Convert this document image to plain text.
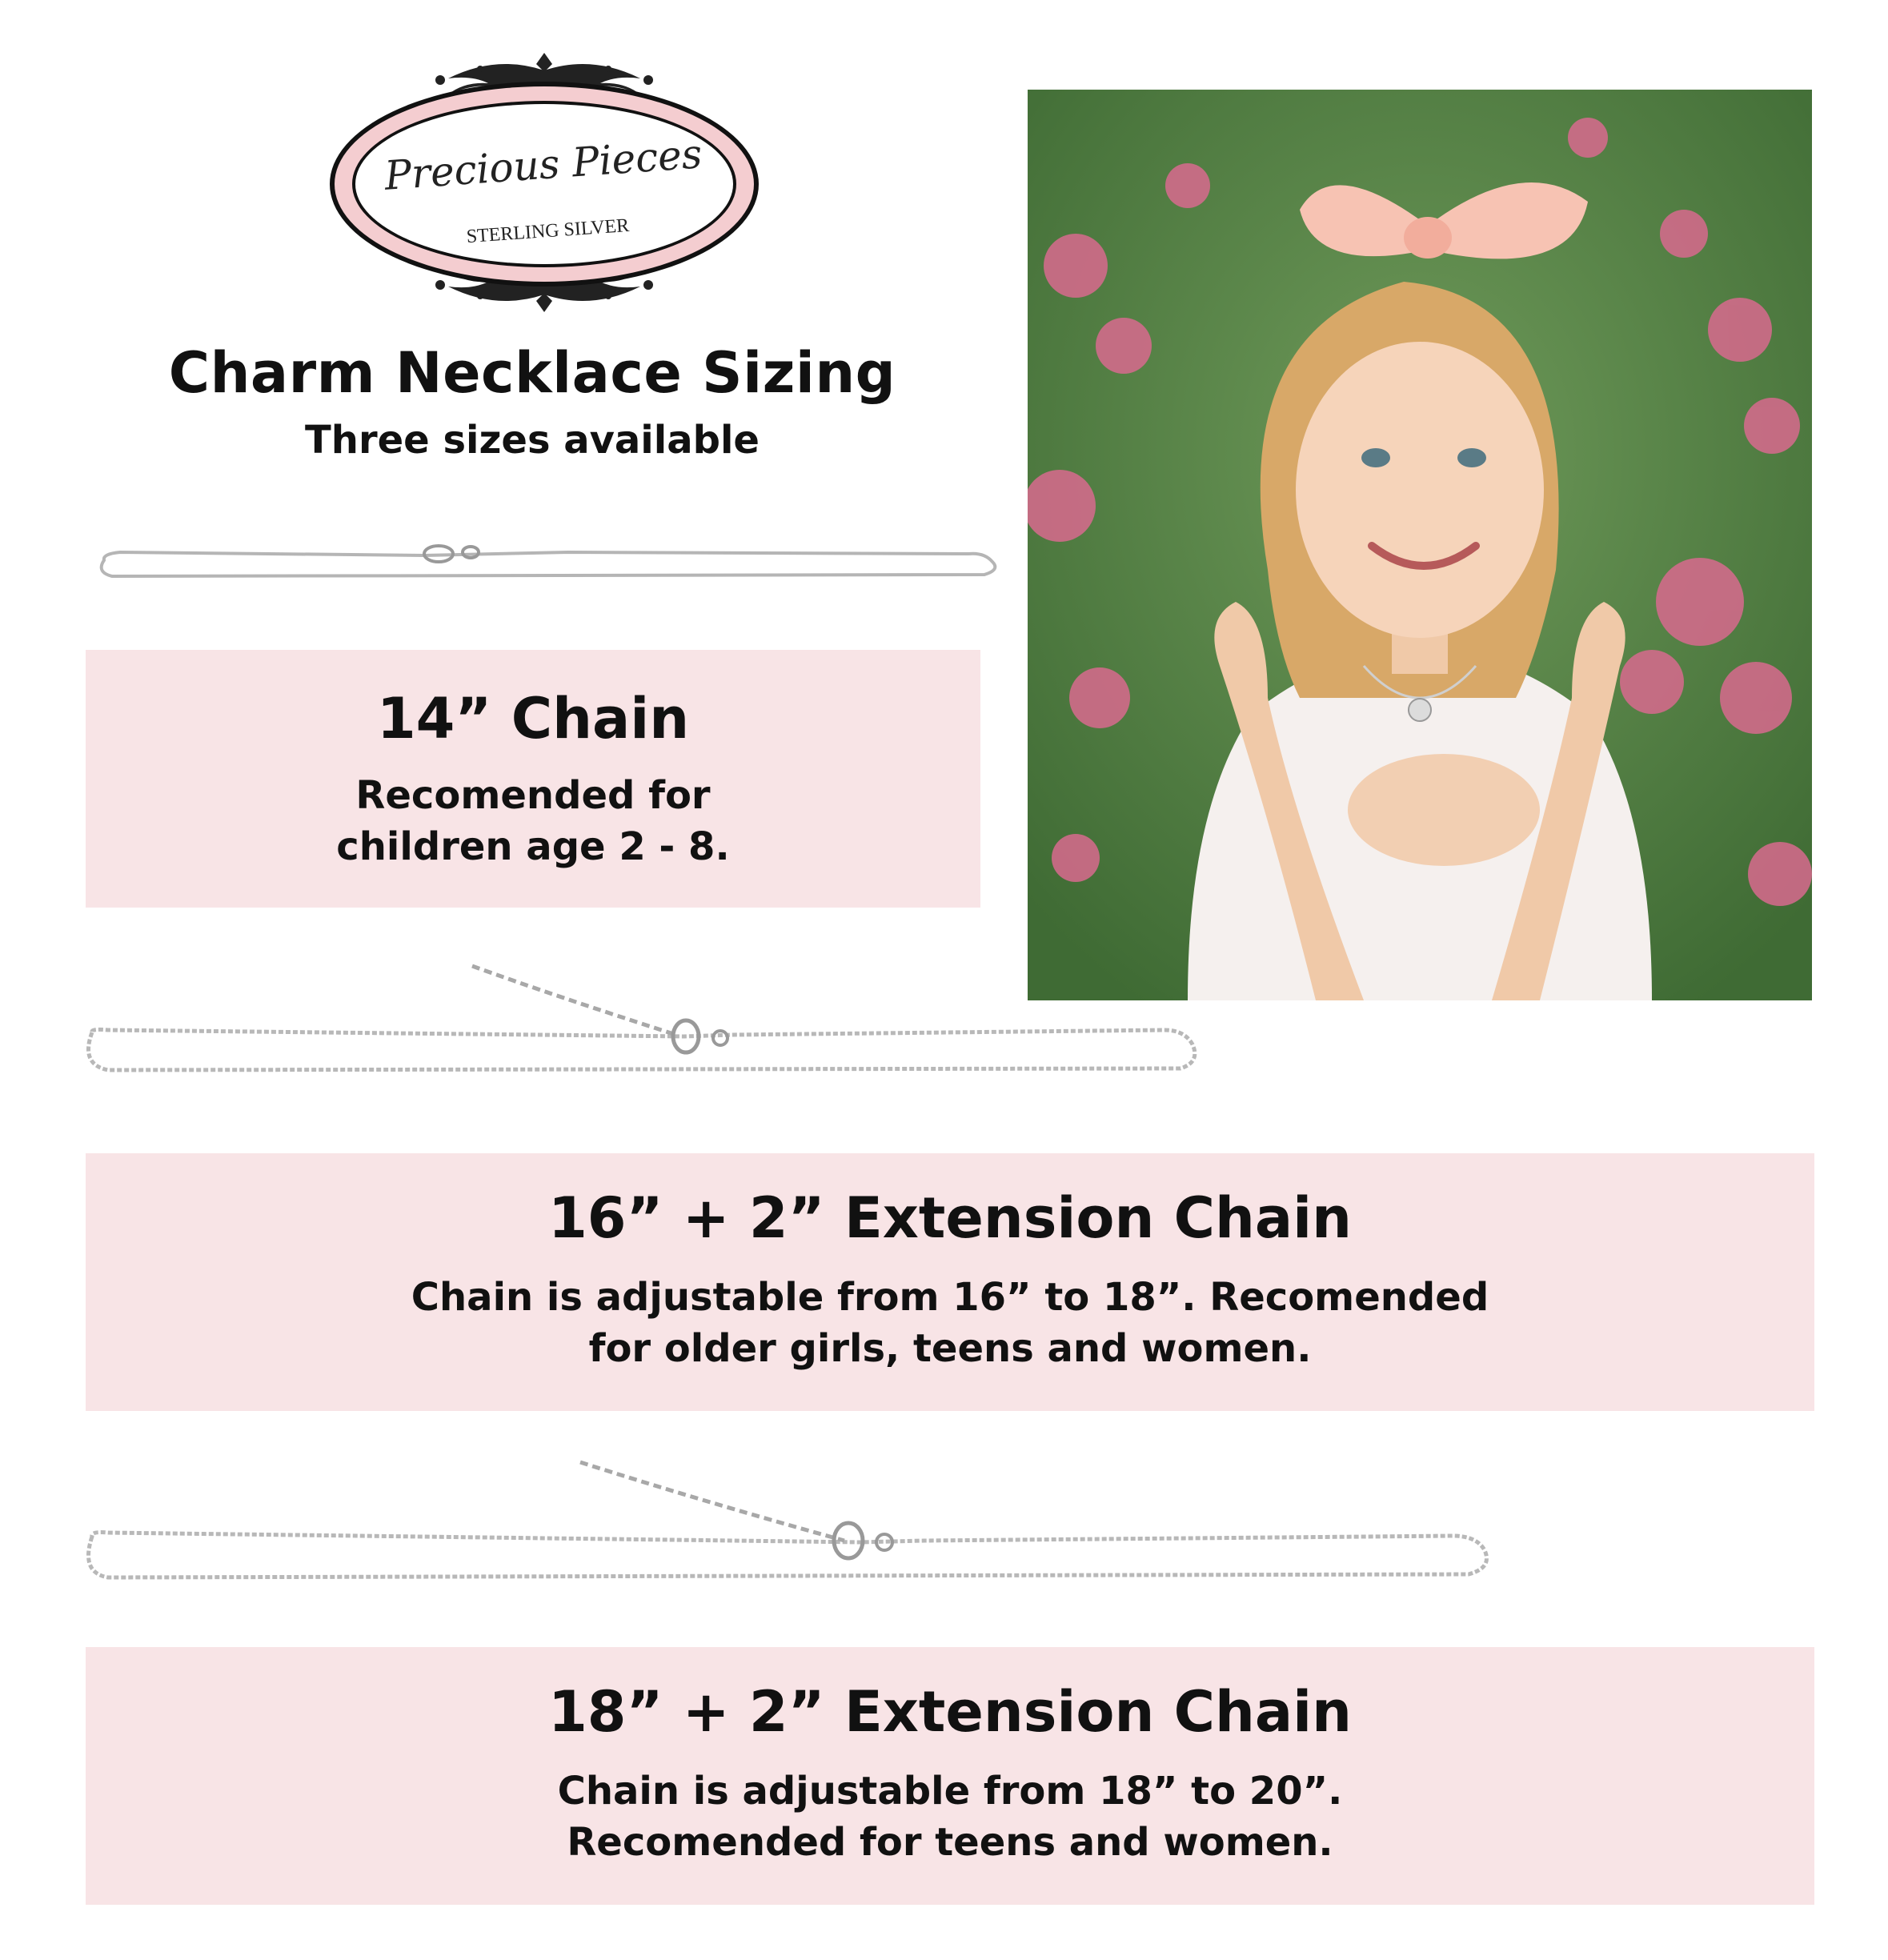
Precious Pieces
STERLING SILVER
Charm Necklace Sizing
Three sizes available
14” Chain
Recomended for
children age 2 - 8.
16” + 2” Extension Chain
Chain is adjustable from 16” to 18”. Recomended for older girls, teens and women.
18” + 2” Extension Chain
Chain is adjustable from 18” to 20”. Recomended for teens and women.
